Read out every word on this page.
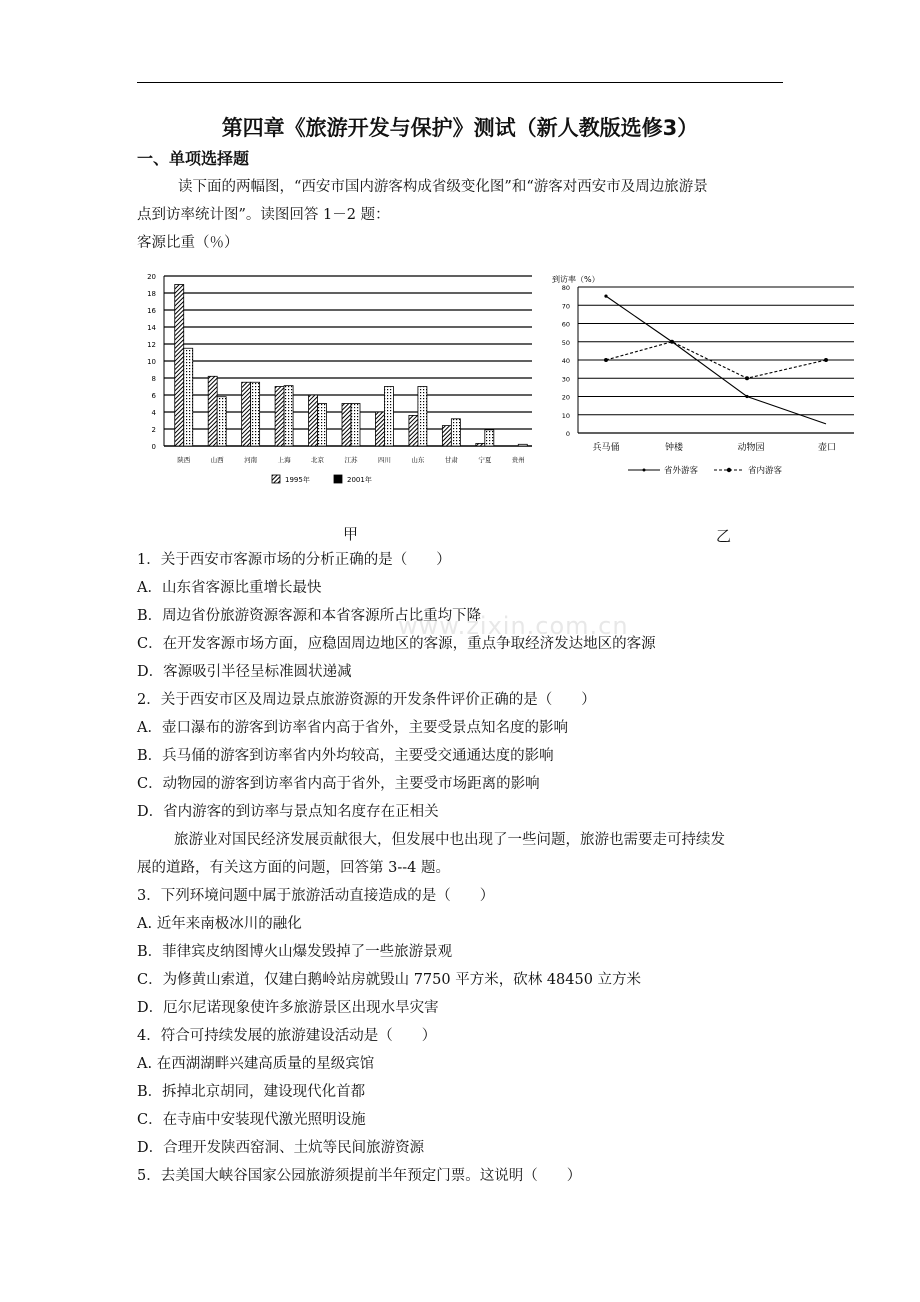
第四章《旅游开发与保护》测试（新人教版选修3）
一、单项选择题
读下面的两幅图，“西安市国内游客构成省级变化图”和“游客对西安市及周边旅游景
点到访率统计图”。读图回答 1－2 题：
客源比重（％）
0
2
4
6
8
10
12
14
16
18
20
陕西	山西	河南	上海	北京	江苏	四川	山东	甘肃	宁夏	贵州
1995年	2001年
到访率（%）
0
10
20
30
40
50
60
70
80
兵马俑	钟楼	动物园	壶口
省外游客	省内游客
甲	乙
1．关于西安市客源市场的分析正确的是（　　）
A．山东省客源比重增长最快
B．周边省份旅游资源客源和本省客源所占比重均下降
C．在开发客源市场方面，应稳固周边地区的客源，重点争取经济发达地区的客源
D．客源吸引半径呈标准圆状递减
2．关于西安市区及周边景点旅游资源的开发条件评价正确的是（　　）
A．壶口瀑布的游客到访率省内高于省外，主要受景点知名度的影响
B．兵马俑的游客到访率省内外均较高，主要受交通通达度的影响
C．动物园的游客到访率省内高于省外，主要受市场距离的影响
D．省内游客的到访率与景点知名度存在正相关
旅游业对国民经济发展贡献很大，但发展中也出现了一些问题，旅游也需要走可持续发
展的道路，有关这方面的问题，回答第 3--4 题。
3．下列环境问题中属于旅游活动直接造成的是（　　）
A. 近年来南极冰川的融化
B．菲律宾皮纳图博火山爆发毁掉了一些旅游景观
C．为修黄山索道，仅建白鹅岭站房就毁山 7750 平方米，砍林 48450 立方米
D．厄尔尼诺现象使许多旅游景区出现水旱灾害
4．符合可持续发展的旅游建设活动是（　　）
A. 在西湖湖畔兴建高质量的星级宾馆
B．拆掉北京胡同，建设现代化首都
C．在寺庙中安装现代激光照明设施
D．合理开发陕西窑洞、土炕等民间旅游资源
5．去美国大峡谷国家公园旅游须提前半年预定门票。这说明（　　）
www.zixin.com.cn
